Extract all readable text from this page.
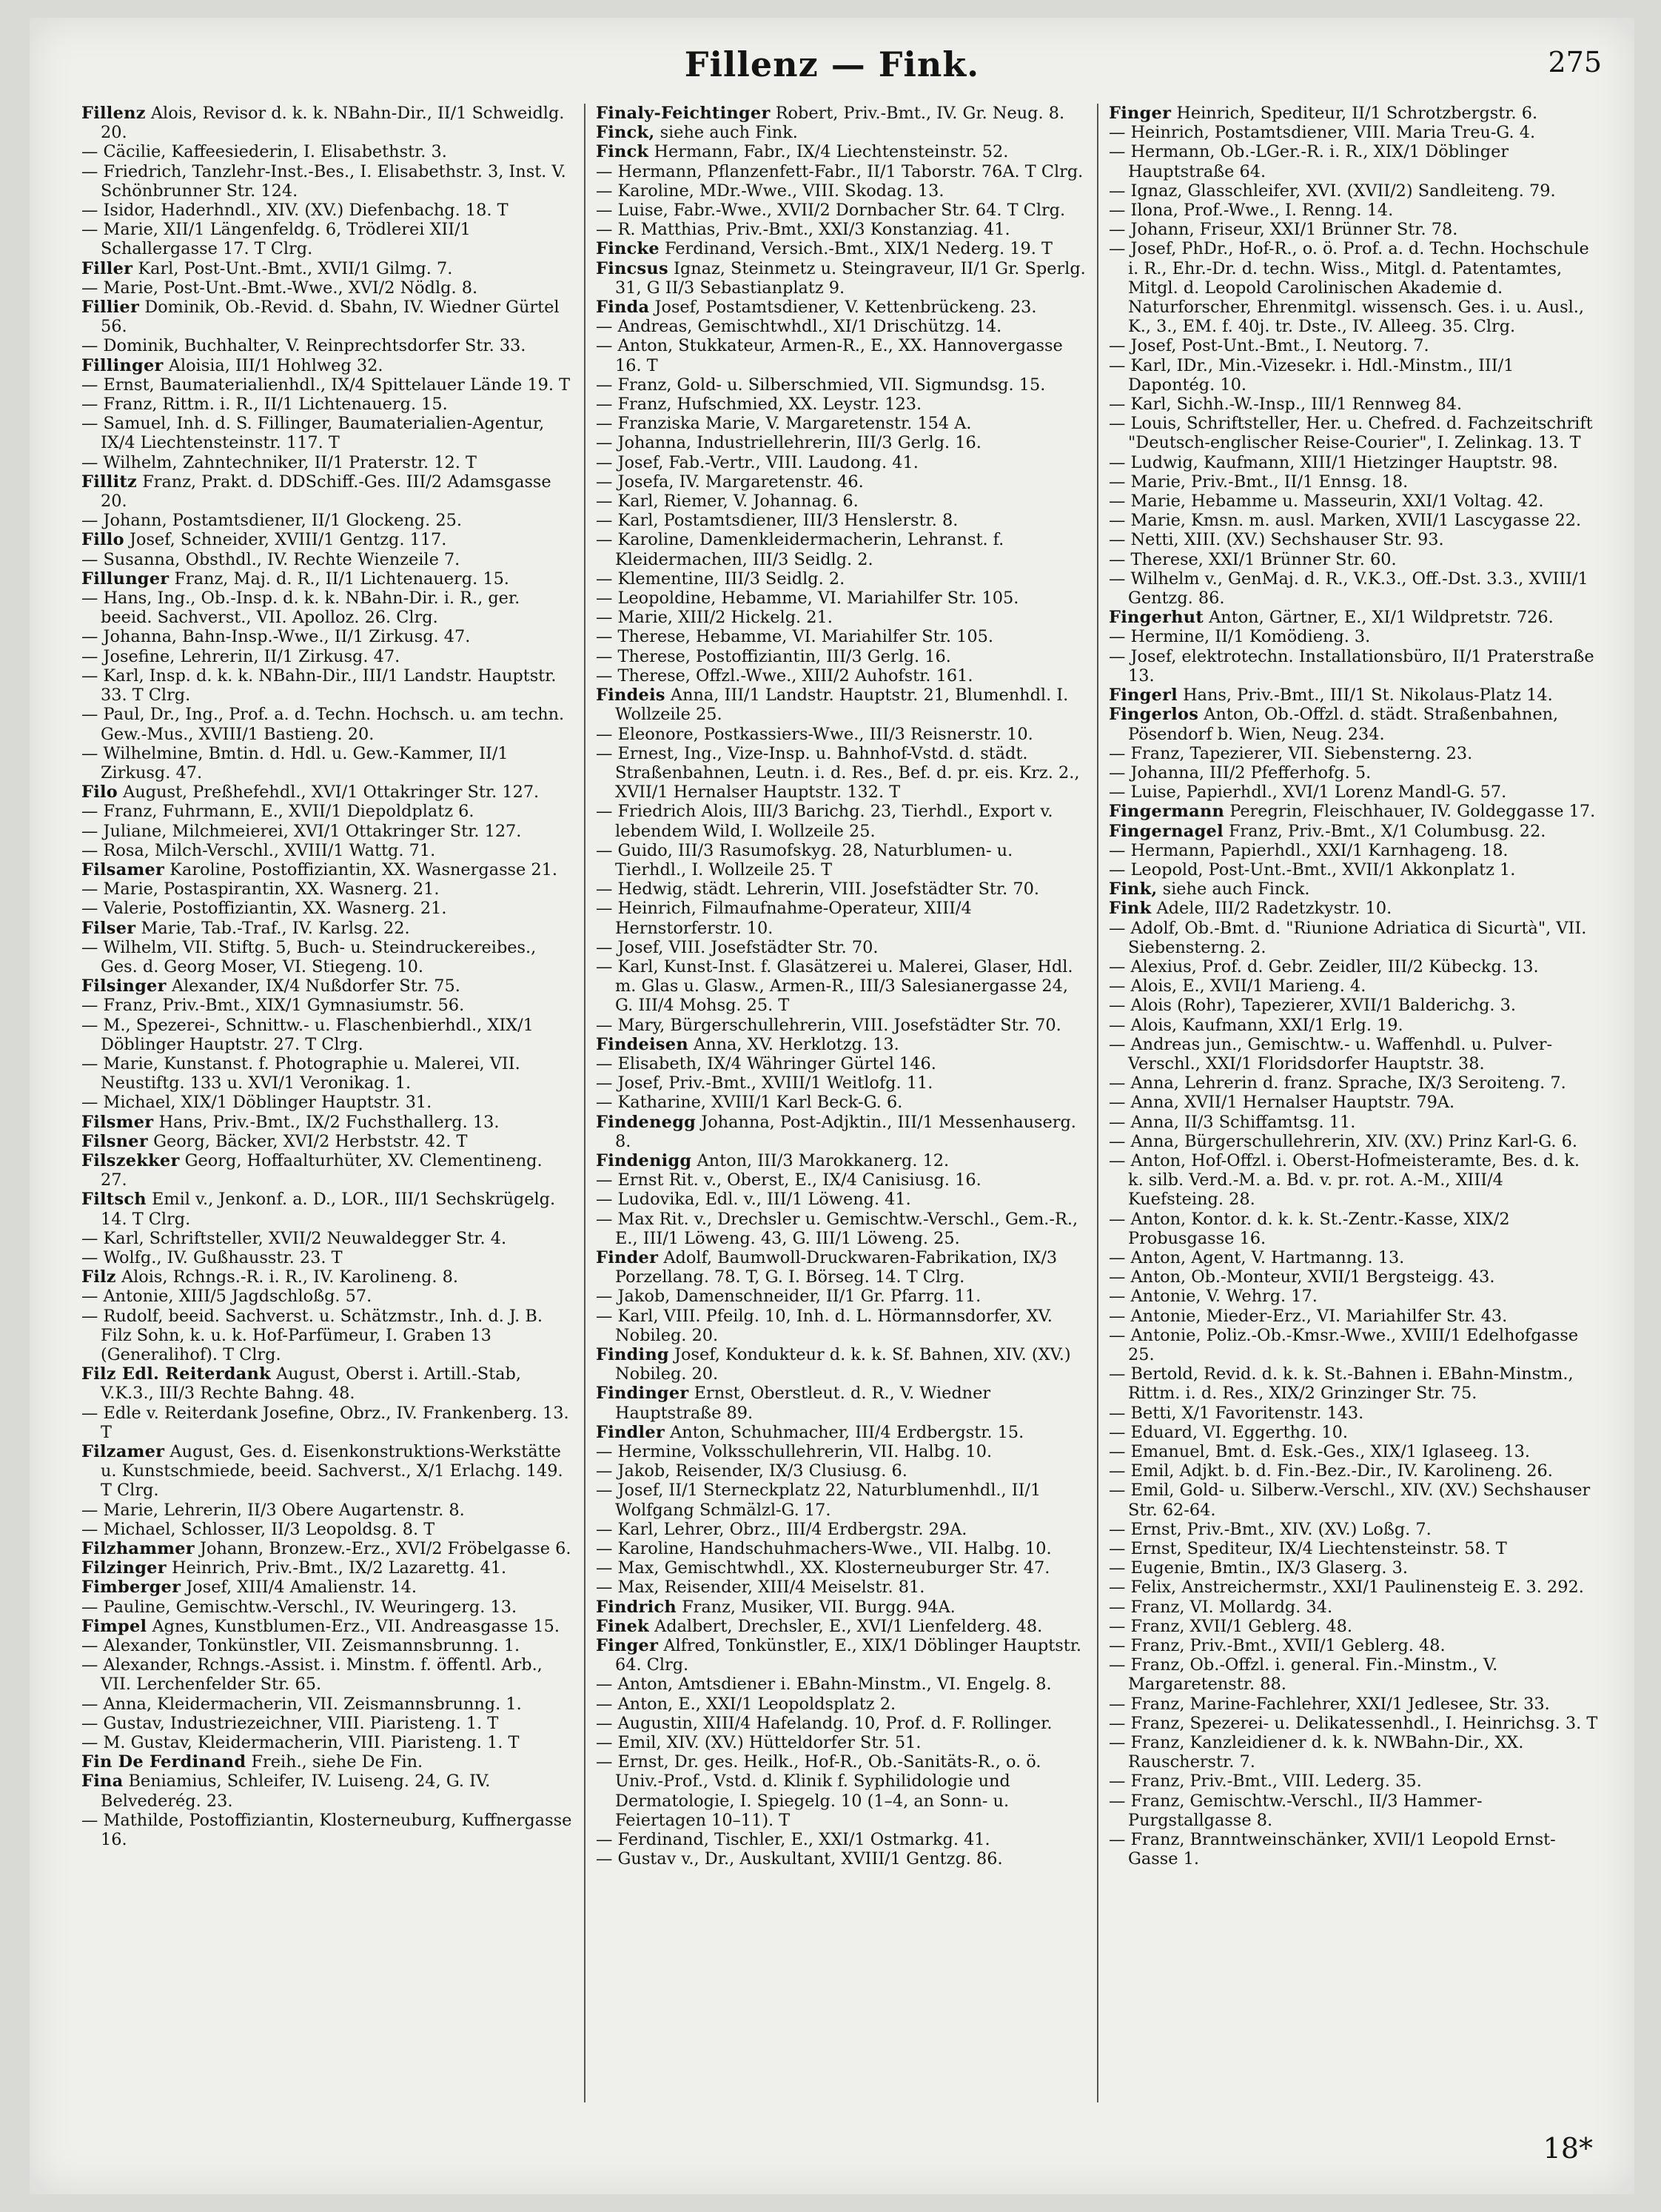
Fillenz — Fink.	275

Fillenz Alois, Revisor d. k. k. NBahn-Dir., II/1 Schweidlg. 20.

— Cäcilie, Kaffeesiederin, I. Elisabethstr. 3.

— Friedrich, Tanzlehr-Inst.-Bes., I. Elisabethstr. 3, Inst. V. Schönbrunner Str. 124.

— Isidor, Haderhndl., XIV. (XV.) Diefenbachg. 18. T

— Marie, XII/1 Längenfeldg. 6, Trödlerei XII/1 Schallergasse 17. T Clrg.

Filler Karl, Post-Unt.-Bmt., XVII/1 Gilmg. 7.

— Marie, Post-Unt.-Bmt.-Wwe., XVI/2 Nödlg. 8.

Fillier Dominik, Ob.-Revid. d. Sbahn, IV. Wiedner Gürtel 56.

— Dominik, Buchhalter, V. Reinprechtsdorfer Str. 33.

Fillinger Aloisia, III/1 Hohlweg 32.

— Ernst, Baumaterialienhdl., IX/4 Spittelauer Lände 19. T

— Franz, Rittm. i. R., II/1 Lichtenauerg. 15.

— Samuel, Inh. d. S. Fillinger, Baumaterialien-Agentur, IX/4 Liechtensteinstr. 117. T

— Wilhelm, Zahntechniker, II/1 Praterstr. 12. T

Fillitz Franz, Prakt. d. DDSchiff.-Ges. III/2 Adamsgasse 20.

— Johann, Postamtsdiener, II/1 Glockeng. 25.

Fillo Josef, Schneider, XVIII/1 Gentzg. 117.

— Susanna, Obsthdl., IV. Rechte Wienzeile 7.

Fillunger Franz, Maj. d. R., II/1 Lichtenauerg. 15.

— Hans, Ing., Ob.-Insp. d. k. k. NBahn-Dir. i. R., ger. beeid. Sachverst., VII. Apolloz. 26. Clrg.

— Johanna, Bahn-Insp.-Wwe., II/1 Zirkusg. 47.

— Josefine, Lehrerin, II/1 Zirkusg. 47.

— Karl, Insp. d. k. k. NBahn-Dir., III/1 Landstr. Hauptstr. 33. T Clrg.

— Paul, Dr., Ing., Prof. a. d. Techn. Hochsch. u. am techn. Gew.-Mus., XVIII/1 Bastieng. 20.

— Wilhelmine, Bmtin. d. Hdl. u. Gew.-Kammer, II/1 Zirkusg. 47.

Filo August, Preßhefehdl., XVI/1 Ottakringer Str. 127.

— Franz, Fuhrmann, E., XVII/1 Diepoldplatz 6.

— Juliane, Milchmeierei, XVI/1 Ottakringer Str. 127.

— Rosa, Milch-Verschl., XVIII/1 Wattg. 71.

Filsamer Karoline, Postoffiziantin, XX. Wasnergasse 21.

— Marie, Postaspirantin, XX. Wasnerg. 21.

— Valerie, Postoffiziantin, XX. Wasnerg. 21.

Filser Marie, Tab.-Traf., IV. Karlsg. 22.

— Wilhelm, VII. Stiftg. 5, Buch- u. Steindruckereibes., Ges. d. Georg Moser, VI. Stiegeng. 10.

Filsinger Alexander, IX/4 Nußdorfer Str. 75.

— Franz, Priv.-Bmt., XIX/1 Gymnasiumstr. 56.

— M., Spezerei-, Schnittw.- u. Flaschenbierhdl., XIX/1 Döblinger Hauptstr. 27. T Clrg.

— Marie, Kunstanst. f. Photographie u. Malerei, VII. Neustiftg. 133 u. XVI/1 Veronikag. 1.

— Michael, XIX/1 Döblinger Hauptstr. 31.

Filsmer Hans, Priv.-Bmt., IX/2 Fuchsthallerg. 13.

Filsner Georg, Bäcker, XVI/2 Herbststr. 42. T

Filszekker Georg, Hoffaalturhüter, XV. Clementineng. 27.

Filtsch Emil v., Jenkonf. a. D., LOR., III/1 Sechskrügelg. 14. T Clrg.

— Karl, Schriftsteller, XVII/2 Neuwaldegger Str. 4.

— Wolfg., IV. Gußhausstr. 23. T

Filz Alois, Rchngs.-R. i. R., IV. Karolineng. 8.

— Antonie, XIII/5 Jagdschloßg. 57.

— Rudolf, beeid. Sachverst. u. Schätzmstr., Inh. d. J. B. Filz Sohn, k. u. k. Hof-Parfümeur, I. Graben 13 (Generalihof). T Clrg.

Filz Edl. Reiterdank August, Oberst i. Artill.-Stab, V.K.3., III/3 Rechte Bahng. 48.

— Edle v. Reiterdank Josefine, Obrz., IV. Frankenberg. 13. T

Filzamer August, Ges. d. Eisenkonstruktions-Werkstätte u. Kunstschmiede, beeid. Sachverst., X/1 Erlachg. 149. T Clrg.

— Marie, Lehrerin, II/3 Obere Augartenstr. 8.

— Michael, Schlosser, II/3 Leopoldsg. 8. T

Filzhammer Johann, Bronzew.-Erz., XVI/2 Fröbelgasse 6.

Filzinger Heinrich, Priv.-Bmt., IX/2 Lazarettg. 41.

Fimberger Josef, XIII/4 Amalienstr. 14.

— Pauline, Gemischtw.-Verschl., IV. Weuringerg. 13.

Fimpel Agnes, Kunstblumen-Erz., VII. Andreasgasse 15.

— Alexander, Tonkünstler, VII. Zeismannsbrunng. 1.

— Alexander, Rchngs.-Assist. i. Minstm. f. öffentl. Arb., VII. Lerchenfelder Str. 65.

— Anna, Kleidermacherin, VII. Zeismannsbrunng. 1.

— Gustav, Industriezeichner, VIII. Piaristeng. 1. T

— M. Gustav, Kleidermacherin, VIII. Piaristeng. 1. T

Fin De Ferdinand Freih., siehe De Fin.

Fina Beniamius, Schleifer, IV. Luiseng. 24, G. IV. Belvederég. 23.

— Mathilde, Postoffiziantin, Klosterneuburg, Kuffnergasse 16.

Finaly-Feichtinger Robert, Priv.-Bmt., IV. Gr. Neug. 8.

Finck, siehe auch Fink.

Finck Hermann, Fabr., IX/4 Liechtensteinstr. 52.

— Hermann, Pflanzenfett-Fabr., II/1 Taborstr. 76A. T Clrg.

— Karoline, MDr.-Wwe., VIII. Skodag. 13.

— Luise, Fabr.-Wwe., XVII/2 Dornbacher Str. 64. T Clrg.

— R. Matthias, Priv.-Bmt., XXI/3 Konstanziag. 41.

Fincke Ferdinand, Versich.-Bmt., XIX/1 Nederg. 19. T

Fincsus Ignaz, Steinmetz u. Steingraveur, II/1 Gr. Sperlg. 31, G II/3 Sebastianplatz 9.

Finda Josef, Postamtsdiener, V. Kettenbrückeng. 23.

— Andreas, Gemischtwhdl., XI/1 Drischützg. 14.

— Anton, Stukkateur, Armen-R., E., XX. Hannovergasse 16. T

— Franz, Gold- u. Silberschmied, VII. Sigmundsg. 15.

— Franz, Hufschmied, XX. Leystr. 123.

— Franziska Marie, V. Margaretenstr. 154 A.

— Johanna, Industriellehrerin, III/3 Gerlg. 16.

— Josef, Fab.-Vertr., VIII. Laudong. 41.

— Josefa, IV. Margaretenstr. 46.

— Karl, Riemer, V. Johannag. 6.

— Karl, Postamtsdiener, III/3 Henslerstr. 8.

— Karoline, Damenkleidermacherin, Lehranst. f. Kleidermachen, III/3 Seidlg. 2.

— Klementine, III/3 Seidlg. 2.

— Leopoldine, Hebamme, VI. Mariahilfer Str. 105.

— Marie, XIII/2 Hickelg. 21.

— Therese, Hebamme, VI. Mariahilfer Str. 105.

— Therese, Postoffiziantin, III/3 Gerlg. 16.

— Therese, Offzl.-Wwe., XIII/2 Auhofstr. 161.

Findeis Anna, III/1 Landstr. Hauptstr. 21, Blumenhdl. I. Wollzeile 25.

— Eleonore, Postkassiers-Wwe., III/3 Reisnerstr. 10.

— Ernest, Ing., Vize-Insp. u. Bahnhof-Vstd. d. städt. Straßenbahnen, Leutn. i. d. Res., Bef. d. pr. eis. Krz. 2., XVII/1 Hernalser Hauptstr. 132. T

— Friedrich Alois, III/3 Barichg. 23, Tierhdl., Export v. lebendem Wild, I. Wollzeile 25.

— Guido, III/3 Rasumofskyg. 28, Naturblumen- u. Tierhdl., I. Wollzeile 25. T

— Hedwig, städt. Lehrerin, VIII. Josefstädter Str. 70.

— Heinrich, Filmaufnahme-Operateur, XIII/4 Hernstorferstr. 10.

— Josef, VIII. Josefstädter Str. 70.

— Karl, Kunst-Inst. f. Glasätzerei u. Malerei, Glaser, Hdl. m. Glas u. Glasw., Armen-R., III/3 Salesianergasse 24, G. III/4 Mohsg. 25. T

— Mary, Bürgerschullehrerin, VIII. Josefstädter Str. 70.

Findeisen Anna, XV. Herklotzg. 13.

— Elisabeth, IX/4 Währinger Gürtel 146.

— Josef, Priv.-Bmt., XVIII/1 Weitlofg. 11.

— Katharine, XVIII/1 Karl Beck-G. 6.

Findenegg Johanna, Post-Adjktin., III/1 Messenhauserg. 8.

Findenigg Anton, III/3 Marokkanerg. 12.

— Ernst Rit. v., Oberst, E., IX/4 Canisiusg. 16.

— Ludovika, Edl. v., III/1 Löweng. 41.

— Max Rit. v., Drechsler u. Gemischtw.-Verschl., Gem.-R., E., III/1 Löweng. 43, G. III/1 Löweng. 25.

Finder Adolf, Baumwoll-Druckwaren-Fabrikation, IX/3 Porzellang. 78. T, G. I. Börseg. 14. T Clrg.

— Jakob, Damenschneider, II/1 Gr. Pfarrg. 11.

— Karl, VIII. Pfeilg. 10, Inh. d. L. Hörmannsdorfer, XV. Nobileg. 20.

Finding Josef, Kondukteur d. k. k. Sf. Bahnen, XIV. (XV.) Nobileg. 20.

Findinger Ernst, Oberstleut. d. R., V. Wiedner Hauptstraße 89.

Findler Anton, Schuhmacher, III/4 Erdbergstr. 15.

— Hermine, Volksschullehrerin, VII. Halbg. 10.

— Jakob, Reisender, IX/3 Clusiusg. 6.

— Josef, II/1 Sterneckplatz 22, Naturblumenhdl., II/1 Wolfgang Schmälzl-G. 17.

— Karl, Lehrer, Obrz., III/4 Erdbergstr. 29A.

— Karoline, Handschuhmachers-Wwe., VII. Halbg. 10.

— Max, Gemischtwhdl., XX. Klosterneuburger Str. 47.

— Max, Reisender, XIII/4 Meiselstr. 81.

Findrich Franz, Musiker, VII. Burgg. 94A.

Finek Adalbert, Drechsler, E., XVI/1 Lienfelderg. 48.

Finger Alfred, Tonkünstler, E., XIX/1 Döblinger Hauptstr. 64. Clrg.

— Anton, Amtsdiener i. EBahn-Minstm., VI. Engelg. 8.

— Anton, E., XXI/1 Leopoldsplatz 2.

— Augustin, XIII/4 Hafelandg. 10, Prof. d. F. Rollinger.

— Emil, XIV. (XV.) Hütteldorfer Str. 51.

— Ernst, Dr. ges. Heilk., Hof-R., Ob.-Sanitäts-R., o. ö. Univ.-Prof., Vstd. d. Klinik f. Syphilidologie und Dermatologie, I. Spiegelg. 10 (1–4, an Sonn- u. Feiertagen 10–11). T

— Ferdinand, Tischler, E., XXI/1 Ostmarkg. 41.

— Gustav v., Dr., Auskultant, XVIII/1 Gentzg. 86.

Finger Heinrich, Spediteur, II/1 Schrotzbergstr. 6.

— Heinrich, Postamtsdiener, VIII. Maria Treu-G. 4.

— Hermann, Ob.-LGer.-R. i. R., XIX/1 Döblinger Hauptstraße 64.

— Ignaz, Glasschleifer, XVI. (XVII/2) Sandleiteng. 79.

— Ilona, Prof.-Wwe., I. Renng. 14.

— Johann, Friseur, XXI/1 Brünner Str. 78.

— Josef, PhDr., Hof-R., o. ö. Prof. a. d. Techn. Hochschule i. R., Ehr.-Dr. d. techn. Wiss., Mitgl. d. Patentamtes, Mitgl. d. Leopold Carolinischen Akademie d. Naturforscher, Ehrenmitgl. wissensch. Ges. i. u. Ausl., K., 3., EM. f. 40j. tr. Dste., IV. Alleeg. 35. Clrg.

— Josef, Post-Unt.-Bmt., I. Neutorg. 7.

— Karl, IDr., Min.-Vizesekr. i. Hdl.-Minstm., III/1 Dapontég. 10.

— Karl, Sichh.-W.-Insp., III/1 Rennweg 84.

— Louis, Schriftsteller, Her. u. Chefred. d. Fachzeitschrift "Deutsch-englischer Reise-Courier", I. Zelinkag. 13. T

— Ludwig, Kaufmann, XIII/1 Hietzinger Hauptstr. 98.

— Marie, Priv.-Bmt., II/1 Ennsg. 18.

— Marie, Hebamme u. Masseurin, XXI/1 Voltag. 42.

— Marie, Kmsn. m. ausl. Marken, XVII/1 Lascygasse 22.

— Netti, XIII. (XV.) Sechshauser Str. 93.

— Therese, XXI/1 Brünner Str. 60.

— Wilhelm v., GenMaj. d. R., V.K.3., Off.-Dst. 3.3., XVIII/1 Gentzg. 86.

Fingerhut Anton, Gärtner, E., XI/1 Wildpretstr. 726.

— Hermine, II/1 Komödieng. 3.

— Josef, elektrotechn. Installationsbüro, II/1 Praterstraße 13.

Fingerl Hans, Priv.-Bmt., III/1 St. Nikolaus-Platz 14.

Fingerlos Anton, Ob.-Offzl. d. städt. Straßenbahnen, Pösendorf b. Wien, Neug. 234.

— Franz, Tapezierer, VII. Siebensterng. 23.

— Johanna, III/2 Pfefferhofg. 5.

— Luise, Papierhdl., XVI/1 Lorenz Mandl-G. 57.

Fingermann Peregrin, Fleischhauer, IV. Goldeggasse 17.

Fingernagel Franz, Priv.-Bmt., X/1 Columbusg. 22.

— Hermann, Papierhdl., XXI/1 Karnhageng. 18.

— Leopold, Post-Unt.-Bmt., XVII/1 Akkonplatz 1.

Fink, siehe auch Finck.

Fink Adele, III/2 Radetzkystr. 10.

— Adolf, Ob.-Bmt. d. "Riunione Adriatica di Sicurtà", VII. Siebensterng. 2.

— Alexius, Prof. d. Gebr. Zeidler, III/2 Kübeckg. 13.

— Alois, E., XVII/1 Marieng. 4.

— Alois (Rohr), Tapezierer, XVII/1 Balderichg. 3.

— Alois, Kaufmann, XXI/1 Erlg. 19.

— Andreas jun., Gemischtw.- u. Waffenhdl. u. Pulver-Verschl., XXI/1 Floridsdorfer Hauptstr. 38.

— Anna, Lehrerin d. franz. Sprache, IX/3 Seroiteng. 7.

— Anna, XVII/1 Hernalser Hauptstr. 79A.

— Anna, II/3 Schiffamtsg. 11.

— Anna, Bürgerschullehrerin, XIV. (XV.) Prinz Karl-G. 6.

— Anton, Hof-Offzl. i. Oberst-Hofmeisteramte, Bes. d. k. k. silb. Verd.-M. a. Bd. v. pr. rot. A.-M., XIII/4 Kuefsteing. 28.

— Anton, Kontor. d. k. k. St.-Zentr.-Kasse, XIX/2 Probusgasse 16.

— Anton, Agent, V. Hartmanng. 13.

— Anton, Ob.-Monteur, XVII/1 Bergsteigg. 43.

— Antonie, V. Wehrg. 17.

— Antonie, Mieder-Erz., VI. Mariahilfer Str. 43.

— Antonie, Poliz.-Ob.-Kmsr.-Wwe., XVIII/1 Edelhofgasse 25.

— Bertold, Revid. d. k. k. St.-Bahnen i. EBahn-Minstm., Rittm. i. d. Res., XIX/2 Grinzinger Str. 75.

— Betti, X/1 Favoritenstr. 143.

— Eduard, VI. Eggerthg. 10.

— Emanuel, Bmt. d. Esk.-Ges., XIX/1 Iglaseeg. 13.

— Emil, Adjkt. b. d. Fin.-Bez.-Dir., IV. Karolineng. 26.

— Emil, Gold- u. Silberw.-Verschl., XIV. (XV.) Sechshauser Str. 62-64.

— Ernst, Priv.-Bmt., XIV. (XV.) Loßg. 7.

— Ernst, Spediteur, IX/4 Liechtensteinstr. 58. T

— Eugenie, Bmtin., IX/3 Glaserg. 3.

— Felix, Anstreichermstr., XXI/1 Paulinensteig E. 3. 292.

— Franz, VI. Mollardg. 34.

— Franz, XVII/1 Geblerg. 48.

— Franz, Priv.-Bmt., XVII/1 Geblerg. 48.

— Franz, Ob.-Offzl. i. general. Fin.-Minstm., V. Margaretenstr. 88.

— Franz, Marine-Fachlehrer, XXI/1 Jedlesee, Str. 33.

— Franz, Spezerei- u. Delikatessenhdl., I. Heinrichsg. 3. T

— Franz, Kanzleidiener d. k. k. NWBahn-Dir., XX. Rauscherstr. 7.

— Franz, Priv.-Bmt., VIII. Lederg. 35.

— Franz, Gemischtw.-Verschl., II/3 Hammer-Purgstallgasse 8.

— Franz, Branntweinschänker, XVII/1 Leopold Ernst-Gasse 1.

18*
